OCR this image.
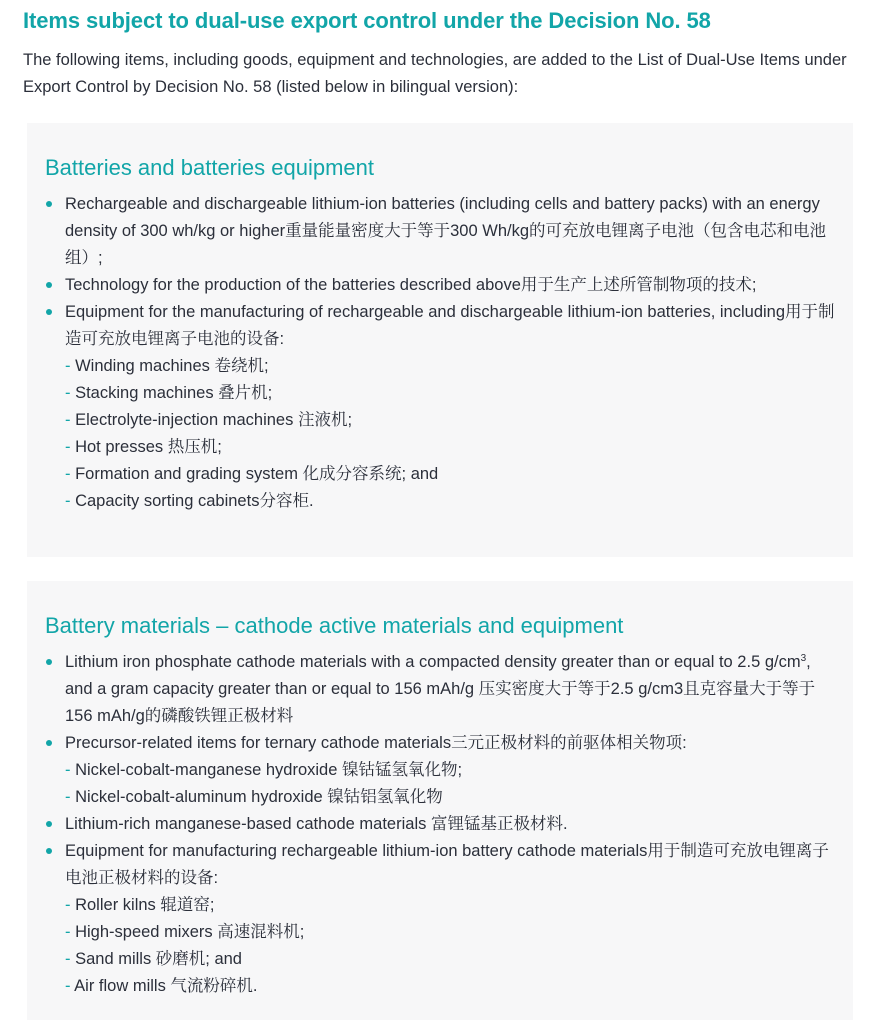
Items subject to dual-use export control under the Decision No. 58

The following items, including goods, equipment and technologies, are added to the List of Dual-Use Items under Export Control by Decision No. 58 (listed below in bilingual version):

Batteries and batteries equipment
Rechargeable and dischargeable lithium-ion batteries (including cells and battery packs) with an energy density of 300 wh/kg or higher重量能量密度大于等于300 Wh/kg的可充放电锂离子电池（包含电芯和电池组）;
Technology for the production of the batteries described above用于生产上述所管制物项的技术;
Equipment for the manufacturing of rechargeable and dischargeable lithium-ion batteries, including用于制造可充放电锂离子电池的设备:
- Winding machines 卷绕机;
- Stacking machines 叠片机;
- Electrolyte-injection machines 注液机;
- Hot presses 热压机;
- Formation and grading system 化成分容系统; and
- Capacity sorting cabinets分容柜.
Battery materials – cathode active materials and equipment
Lithium iron phosphate cathode materials with a compacted density greater than or equal to 2.5 $g/cm^3$, and a gram capacity greater than or equal to 156 mAh/g 压实密度大于等于2.5 g/cm3且克容量大于等于156 mAh/g的磷酸铁锂正极材料
Precursor-related items for ternary cathode materials三元正极材料的前驱体相关物项:
- Nickel-cobalt-manganese hydroxide 镍钴锰氢氧化物;
- Nickel-cobalt-aluminum hydroxide 镍钴铝氢氧化物
Lithium-rich manganese-based cathode materials 富锂锰基正极材料.
Equipment for manufacturing rechargeable lithium-ion battery cathode materials用于制造可充放电锂离子电池正极材料的设备:
- Roller kilns 辊道窑;
- High-speed mixers 高速混料机;
- Sand mills 砂磨机; and
- Air flow mills 气流粉碎机.
